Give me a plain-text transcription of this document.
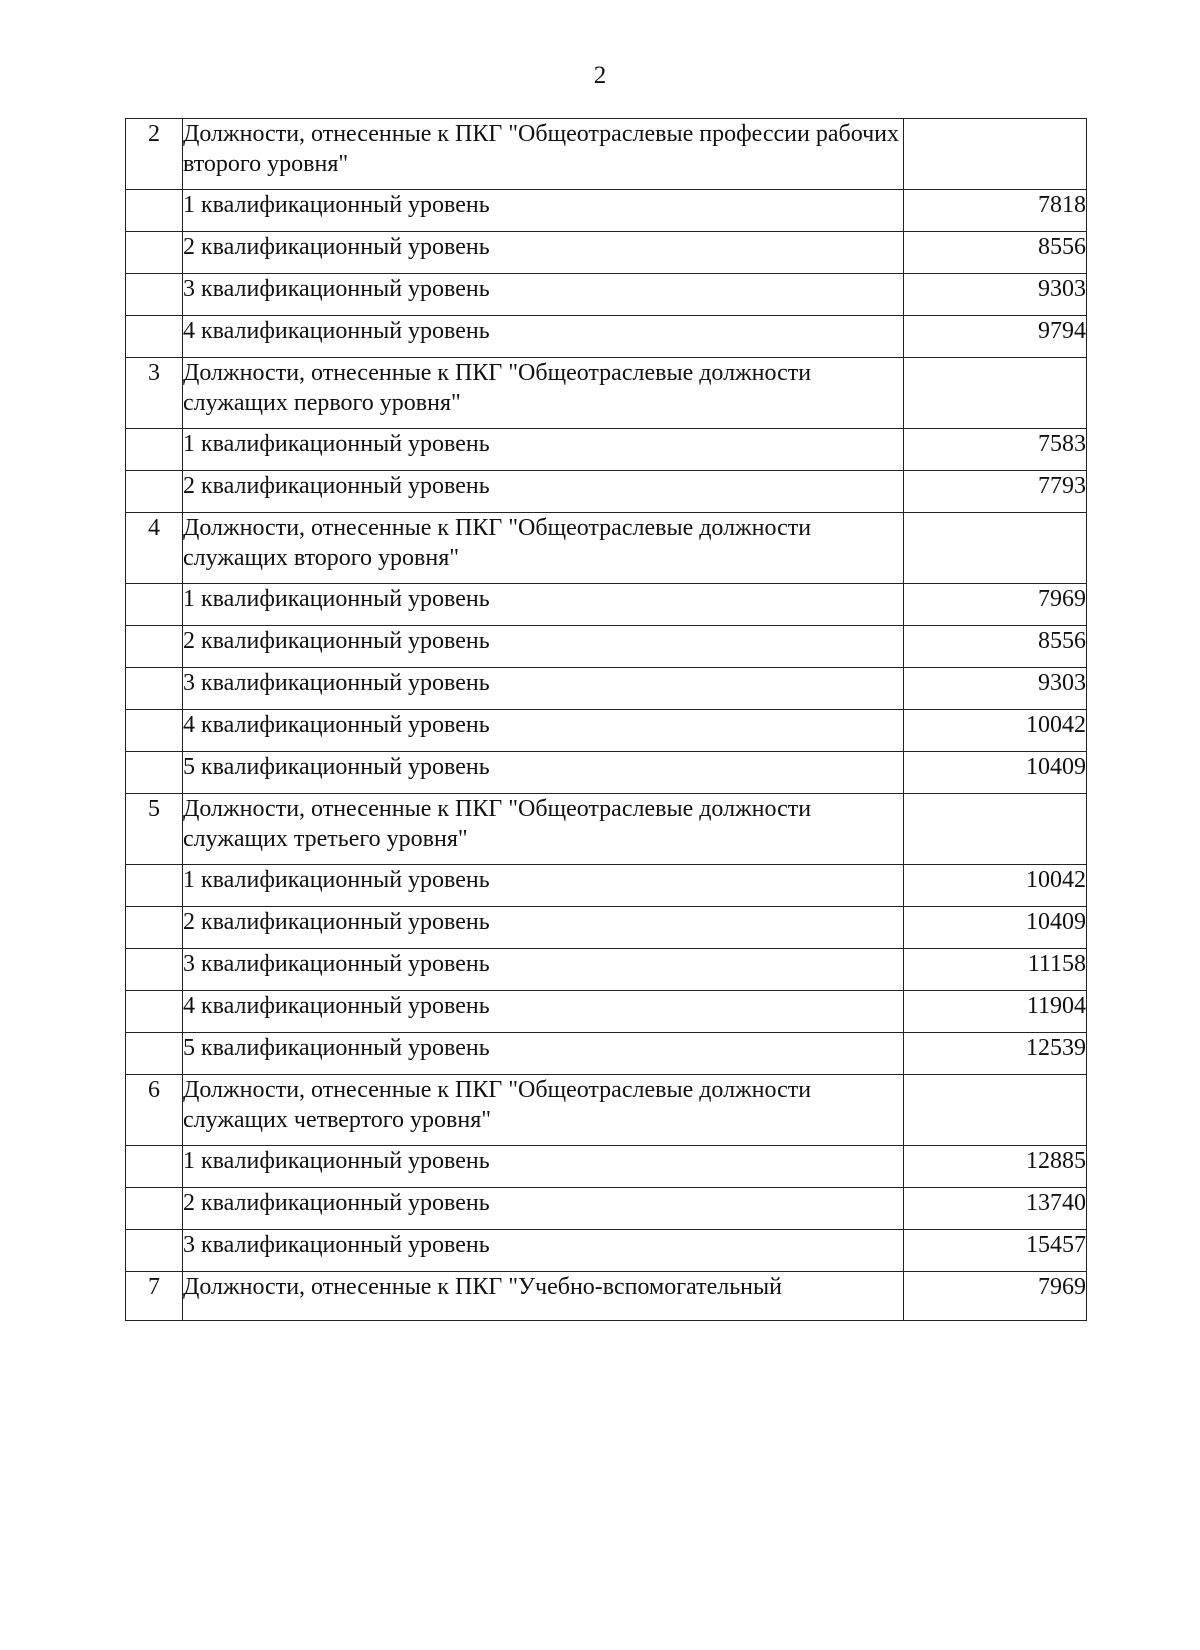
2
2	Должности, отнесенные к ПКГ "Общеотраслевые профессии рабочих второго уровня"	
	1 квалификационный уровень	7818
	2 квалификационный уровень	8556
	3 квалификационный уровень	9303
	4 квалификационный уровень	9794
3	Должности, отнесенные к ПКГ "Общеотраслевые должности служащих первого уровня"	
	1 квалификационный уровень	7583
	2 квалификационный уровень	7793
4	Должности, отнесенные к ПКГ "Общеотраслевые должности служащих второго уровня"	
	1 квалификационный уровень	7969
	2 квалификационный уровень	8556
	3 квалификационный уровень	9303
	4 квалификационный уровень	10042
	5 квалификационный уровень	10409
5	Должности, отнесенные к ПКГ "Общеотраслевые должности служащих третьего уровня"	
	1 квалификационный уровень	10042
	2 квалификационный уровень	10409
	3 квалификационный уровень	11158
	4 квалификационный уровень	11904
	5 квалификационный уровень	12539
6	Должности, отнесенные к ПКГ "Общеотраслевые должности служащих четвертого уровня"	
	1 квалификационный уровень	12885
	2 квалификационный уровень	13740
	3 квалификационный уровень	15457
7	Должности, отнесенные к ПКГ "Учебно-вспомогательный	7969
